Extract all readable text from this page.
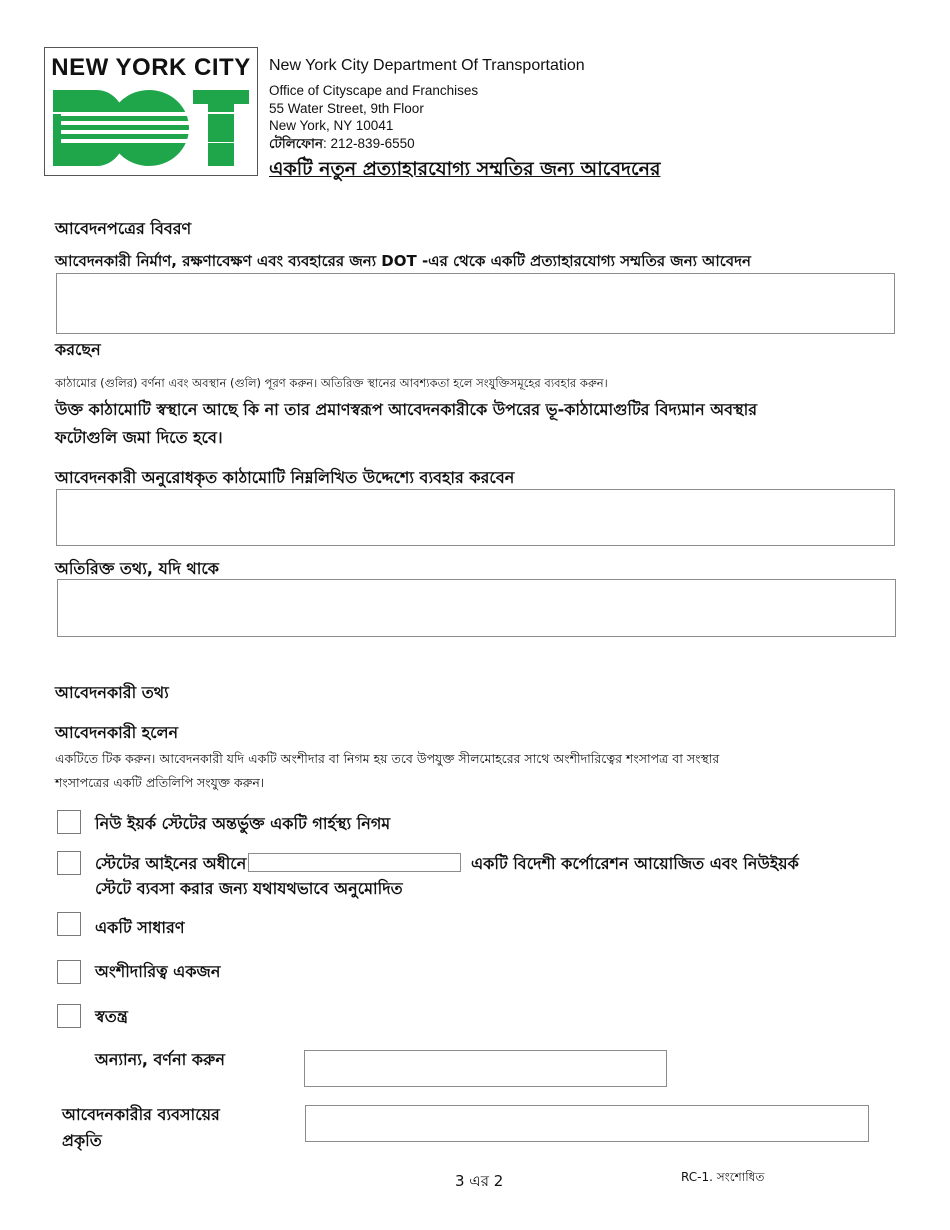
NEW YORK CITY	New York City Department Of Transportation
Office of Cityscape and Franchises
55 Water Street, 9th Floor
New York, NY 10041
টেলিফোন: 212-839-6550
একটি নতুন প্রত্যাহারযোগ্য সম্মতির জন্য আবেদনের
আবেদনপত্রের বিবরণ
আবেদনকারী নির্মাণ, রক্ষণাবেক্ষণ এবং ব্যবহারের জন্য DOT -এর থেকে একটি প্রত্যাহারযোগ্য সম্মতির জন্য আবেদন
করছেন
কাঠামোর (গুলির) বর্ণনা এবং অবস্থান (গুলি) পূরণ করুন। অতিরিক্ত স্থানের আবশ্যকতা হলে সংযুক্তিসমূহের ব্যবহার করুন।
উক্ত কাঠামোটি স্বস্থানে আছে কি না তার প্রমাণস্বরূপ আবেদনকারীকে উপরের ভূ-কাঠামোগুটির বিদ্যমান অবস্থার
ফটোগুলি জমা দিতে হবে।
আবেদনকারী অনুরোধকৃত কাঠামোটি নিম্নলিখিত উদ্দেশ্যে ব্যবহার করবেন
অতিরিক্ত তথ্য, যদি থাকে
আবেদনকারী তথ্য
আবেদনকারী হলেন
একটিতে টিক করুন। আবেদনকারী যদি একটি অংশীদার বা নিগম হয় তবে উপযুক্ত সীলমোহরের সাথে অংশীদারিত্বের শংসাপত্র বা সংস্থার
শংসাপত্রের একটি প্রতিলিপি সংযুক্ত করুন।
নিউ ইয়র্ক স্টেটের অন্তর্ভুক্ত একটি গার্হস্থ্য নিগম
স্টেটের আইনের অধীনে	একটি বিদেশী কর্পোরেশন আয়োজিত এবং নিউইয়র্ক
স্টেটে ব্যবসা করার জন্য যথাযথভাবে অনুমোদিত
একটি সাধারণ
অংশীদারিত্ব একজন
স্বতন্ত্র
অন্যান্য, বর্ণনা করুন
আবেদনকারীর ব্যবসায়ের
প্রকৃতি
3 এর 2	RC-1. সংশোধিত
